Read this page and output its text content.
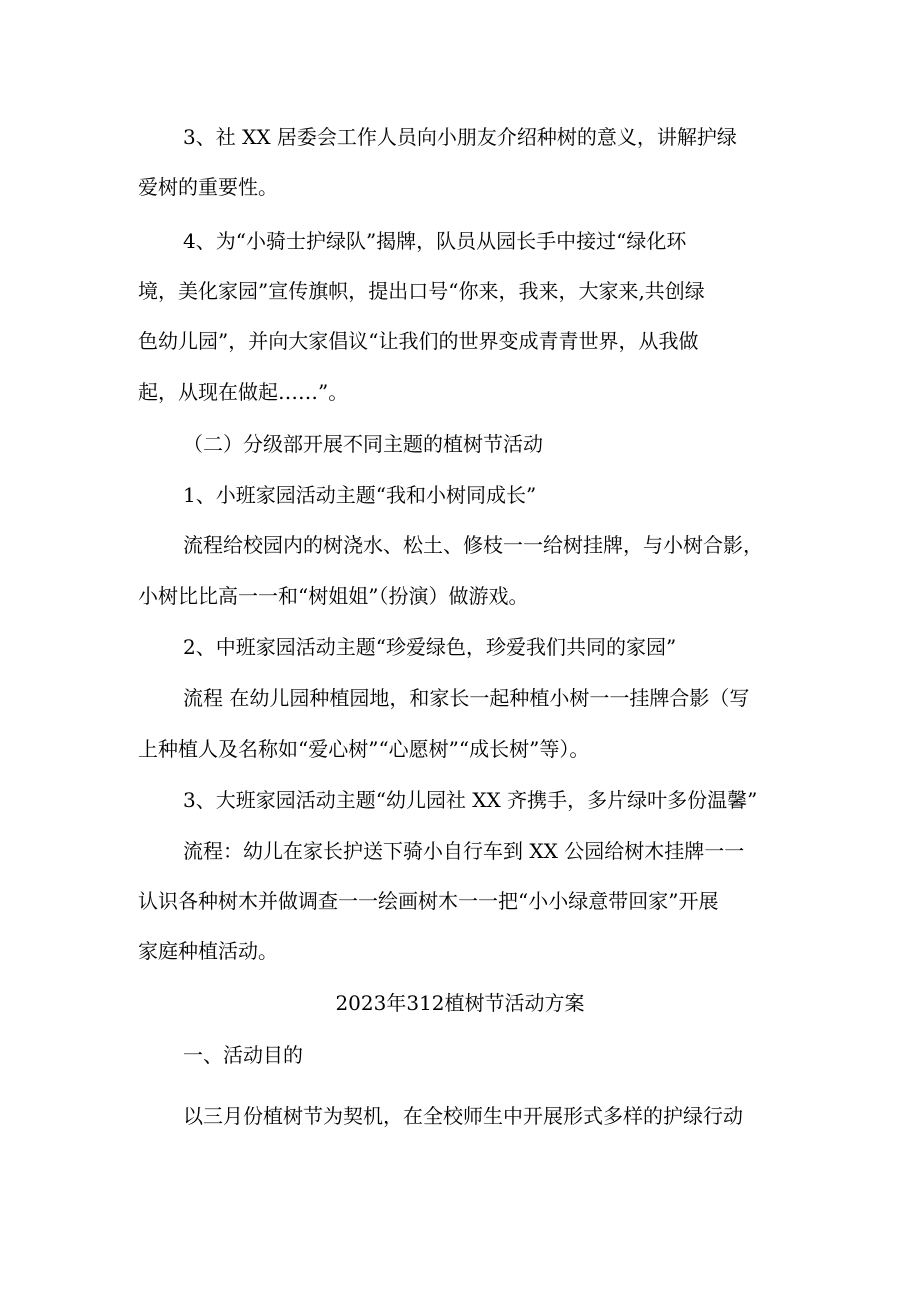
3、社 XX 居委会工作人员向小朋友介绍种树的意义，讲解护绿
爱树的重要性。
4、为“小骑士护绿队”揭牌，队员从园长手中接过“绿化环
境，美化家园”宣传旗帜，提出口号“你来，我来，大家来,共创绿
色幼儿园”，并向大家倡议“让我们的世界变成青青世界，从我做
起，从现在做起……”。
（二）分级部开展不同主题的植树节活动
1、小班家园活动主题“我和小树同成长”
流程给校园内的树浇水、松土、修枝一一给树挂牌，与小树合影，
小树比比高一一和“树姐姐”（扮演）做游戏。
2、中班家园活动主题“珍爱绿色，珍爱我们共同的家园”
流程 在幼儿园种植园地，和家长一起种植小树一一挂牌合影（写
上种植人及名称如“爱心树”“心愿树”“成长树”等）。
3、大班家园活动主题“幼儿园社 XX 齐携手，多片绿叶多份温馨”
流程：幼儿在家长护送下骑小自行车到 XX 公园给树木挂牌一一
认识各种树木并做调查一一绘画树木一一把“小小绿意带回家”开展
家庭种植活动。
2023年312植树节活动方案
一、活动目的
以三月份植树节为契机，在全校师生中开展形式多样的护绿行动
